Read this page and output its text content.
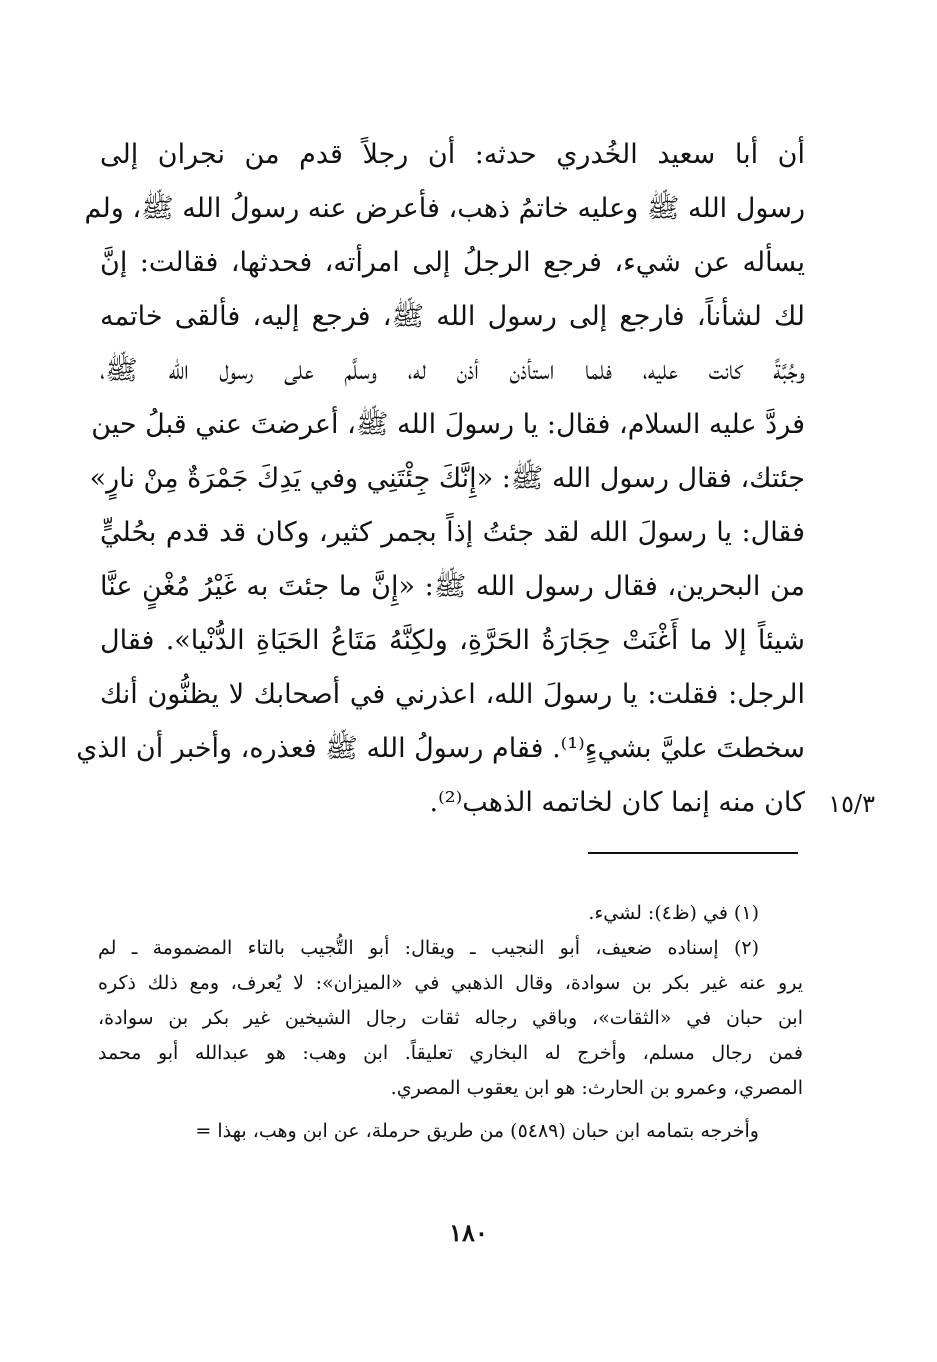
أن أبا سعيد الخُدري حدثه: أن رجلاً قدم من نجران إلى
رسول الله ﷺ وعليه خاتمُ ذهب، فأعرض عنه رسولُ الله ﷺ، ولم
يسأله عن شيء، فرجع الرجلُ إلى امرأته، فحدثها، فقالت: إنَّ
لك لشأناً، فارجع إلى رسول الله ﷺ، فرجع إليه، فألقى خاتمه
وجُبَّةً كانت عليه، فلما استأذن أذن له، وسلَّم على رسول الله ﷺ،
فردَّ عليه السلام، فقال: يا رسولَ الله ﷺ، أعرضتَ عني قبلُ حين
جئتك، فقال رسول الله ﷺ: «إِنَّكَ جِئْتَنِي وفي يَدِكَ جَمْرَةٌ مِنْ نارٍ»
فقال: يا رسولَ الله لقد جئتُ إذاً بجمر كثير، وكان قد قدم بحُليٍّ
من البحرين، فقال رسول الله ﷺ: «إِنَّ ما جئتَ به غَيْرُ مُغْنٍ عنَّا
شيئاً إلا ما أَغْنَتْ حِجَارَةُ الحَرَّةِ، ولكِنَّهُ مَتَاعُ الحَيَاةِ الدُّنْيا». فقال
الرجل: فقلت: يا رسولَ الله، اعذرني في أصحابك لا يظنُّون أنك
سخطتَ عليَّ بشيءٍ⁽¹⁾. فقام رسولُ الله ﷺ فعذره، وأخبر أن الذي
كان منه إنما كان لخاتمه الذهب⁽²⁾. ١٥/٣
(١) في (ظ٤): لشيء.
(٢) إسناده ضعيف، أبو النجيب ـ ويقال: أبو التُّجيب بالتاء المضمومة ـ لم
يرو عنه غير بكر بن سوادة، وقال الذهبي في «الميزان»: لا يُعرف، ومع ذلك ذكره
ابن حبان في «الثقات»، وباقي رجاله ثقات رجال الشيخين غير بكر بن سوادة،
فمن رجال مسلم، وأخرج له البخاري تعليقاً. ابن وهب: هو عبدالله أبو محمد
المصري، وعمرو بن الحارث: هو ابن يعقوب المصري.
وأخرجه بتمامه ابن حبان (٥٤٨٩) من طريق حرملة، عن ابن وهب، بهذا =
١٨٠
